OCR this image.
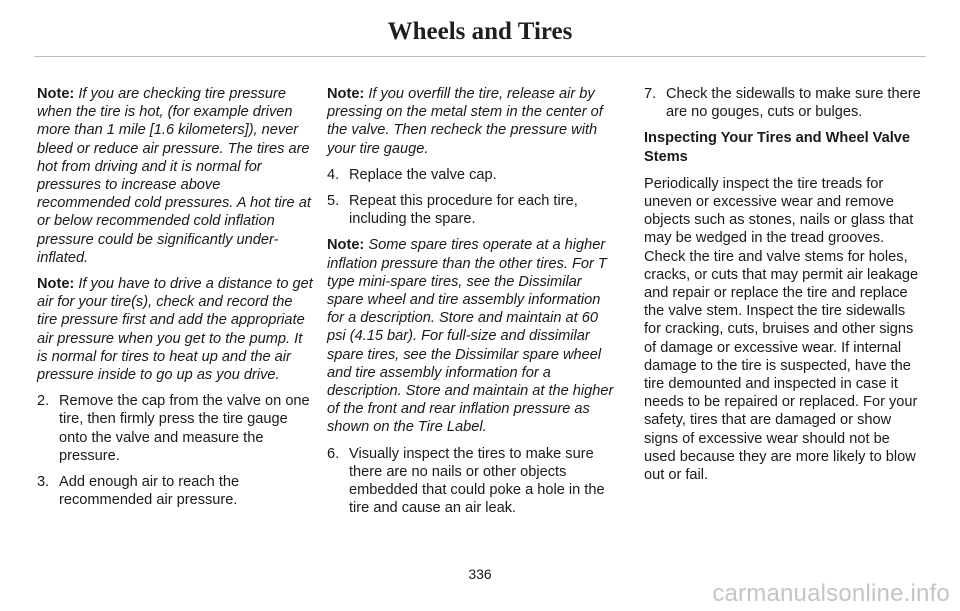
Wheels and Tires

Note: If you are checking tire pressure when the tire is hot, (for example driven more than 1 mile [1.6 kilometers]), never bleed or reduce air pressure. The tires are hot from driving and it is normal for pressures to increase above recommended cold pressures. A hot tire at or below recommended cold inflation pressure could be significantly under-inflated.

Note: If you have to drive a distance to get air for your tire(s), check and record the tire pressure first and add the appropriate air pressure when you get to the pump. It is normal for tires to heat up and the air pressure inside to go up as you drive.

2. Remove the cap from the valve on one tire, then firmly press the tire gauge onto the valve and measure the pressure.
3. Add enough air to reach the recommended air pressure.

Note: If you overfill the tire, release air by pressing on the metal stem in the center of the valve. Then recheck the pressure with your tire gauge.

4. Replace the valve cap.
5. Repeat this procedure for each tire, including the spare.

Note: Some spare tires operate at a higher inflation pressure than the other tires. For T type mini-spare tires, see the Dissimilar spare wheel and tire assembly information for a description. Store and maintain at 60 psi (4.15 bar). For full-size and dissimilar spare tires, see the Dissimilar spare wheel and tire assembly information for a description. Store and maintain at the higher of the front and rear inflation pressure as shown on the Tire Label.

6. Visually inspect the tires to make sure there are no nails or other objects embedded that could poke a hole in the tire and cause an air leak.
7. Check the sidewalls to make sure there are no gouges, cuts or bulges.
Inspecting Your Tires and Wheel Valve Stems

Periodically inspect the tire treads for uneven or excessive wear and remove objects such as stones, nails or glass that may be wedged in the tread grooves. Check the tire and valve stems for holes, cracks, or cuts that may permit air leakage and repair or replace the tire and replace the valve stem. Inspect the tire sidewalls for cracking, cuts, bruises and other signs of damage or excessive wear. If internal damage to the tire is suspected, have the tire demounted and inspected in case it needs to be repaired or replaced. For your safety, tires that are damaged or show signs of excessive wear should not be used because they are more likely to blow out or fail.

336
carmanualsonline.info
